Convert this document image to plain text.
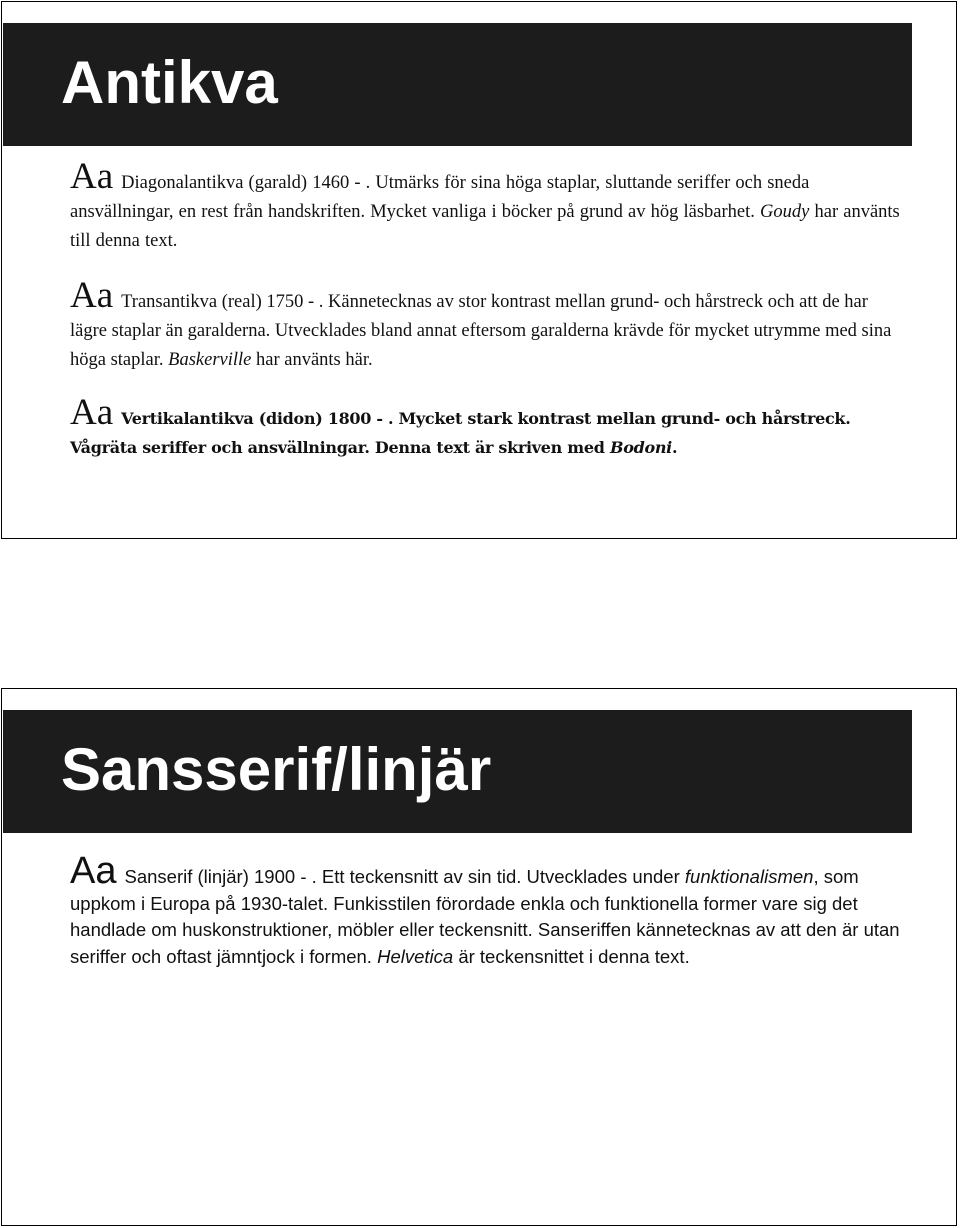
Antikva
Aa Diagonalantikva (garald) 1460 - . Utmärks för sina höga staplar, sluttande seriffer och sneda ansvällningar, en rest från handskriften. Mycket vanliga i böcker på grund av hög läsbarhet. Goudy har använts till denna text.
Aa Transantikva (real) 1750 - . Kännetecknas av stor kontrast mellan grund- och hårstreck och att de har lägre staplar än garalderna. Utvecklades bland annat eftersom garalderna krävde för mycket utrymme med sina höga staplar. Baskerville har använts här.
Aa Vertikalantikva (didon) 1800 - . Mycket stark kontrast mellan grund- och hårstreck. Vågräta seriffer och ansvällningar. Denna text är skriven med Bodoni.
Sansserif/linjär
Aa Sanserif (linjär) 1900 - . Ett teckensnitt av sin tid. Utvecklades under funktionalismen, som uppkom i Europa på 1930-talet. Funkisstilen förordade enkla och funktionella former vare sig det handlade om huskonstruktioner, möbler eller teckensnitt. Sanseriffen kännetecknas av att den är utan seriffer och oftast jämntjock i formen. Helvetica är teckensnittet i denna text.
